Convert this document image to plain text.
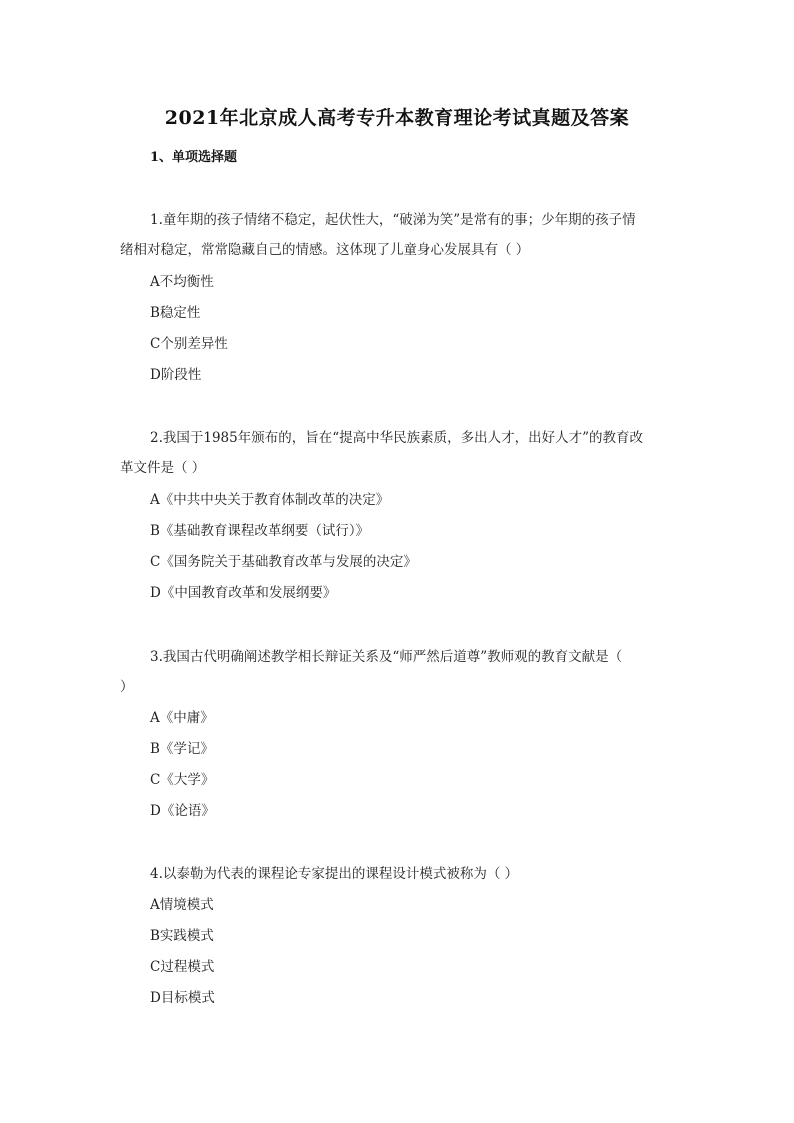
2021年北京成人高考专升本教育理论考试真题及答案
1、单项选择题
1.童年期的孩子情绪不稳定，起伏性大，“破涕为笑”是常有的事；少年期的孩子情
绪相对稳定，常常隐藏自己的情感。这体现了儿童身心发展具有（ ）
A不均衡性
B稳定性
C个别差异性
D阶段性
2.我国于1985年颁布的，旨在“提高中华民族素质，多出人才，出好人才”的教育改
革文件是（ ）
A《中共中央关于教育体制改革的决定》
B《基础教育课程改革纲要（试行）》
C《国务院关于基础教育改革与发展的决定》
D《中国教育改革和发展纲要》
3.我国古代明确阐述教学相长辩证关系及“师严然后道尊”教师观的教育文献是（
）
A《中庸》
B《学记》
C《大学》
D《论语》
4.以泰勒为代表的课程论专家提出的课程设计模式被称为（ ）
A情境模式
B实践模式
C过程模式
D目标模式
